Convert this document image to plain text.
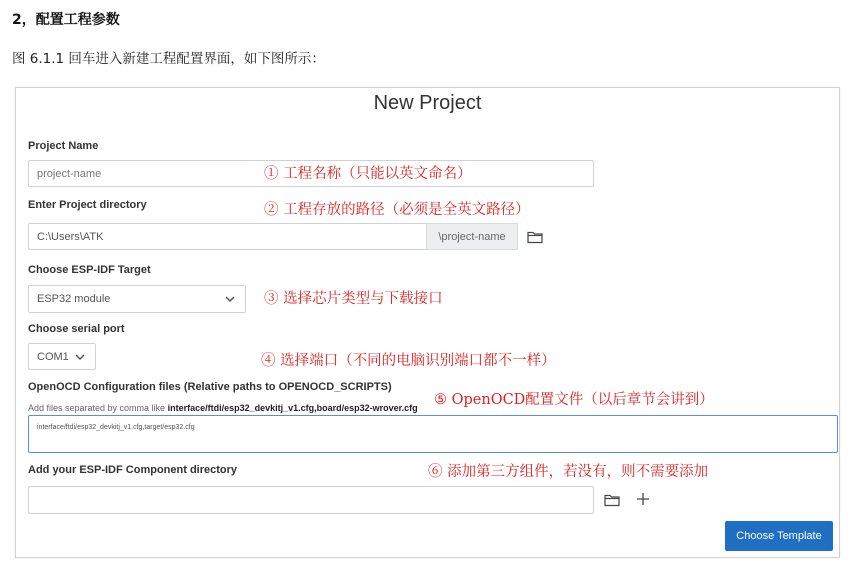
2，配置工程参数
图 6.1.1 回车进入新建工程配置界面，如下图所示：
New Project
Project Name
project-name	① 工程名称（只能以英文命名）
Enter Project directory
C:\Users\ATK	\project-name
② 工程存放的路径（必须是全英文路径）
Choose ESP-IDF Target
ESP32 module	③ 选择芯片类型与下载接口
Choose serial port
COM1	④ 选择端口（不同的电脑识别端口都不一样）
OpenOCD Configuration files (Relative paths to OPENOCD_SCRIPTS)
Add files separated by comma like interface/ftdi/esp32_devkitj_v1.cfg,board/esp32-wrover.cfg
interface/ftdi/esp32_devkitj_v1.cfg,target/esp32.cfg
⑤ OpenOCD配置文件（以后章节会讲到）
Add your ESP-IDF Component directory	⑥ 添加第三方组件，若没有，则不需要添加
Choose Template
